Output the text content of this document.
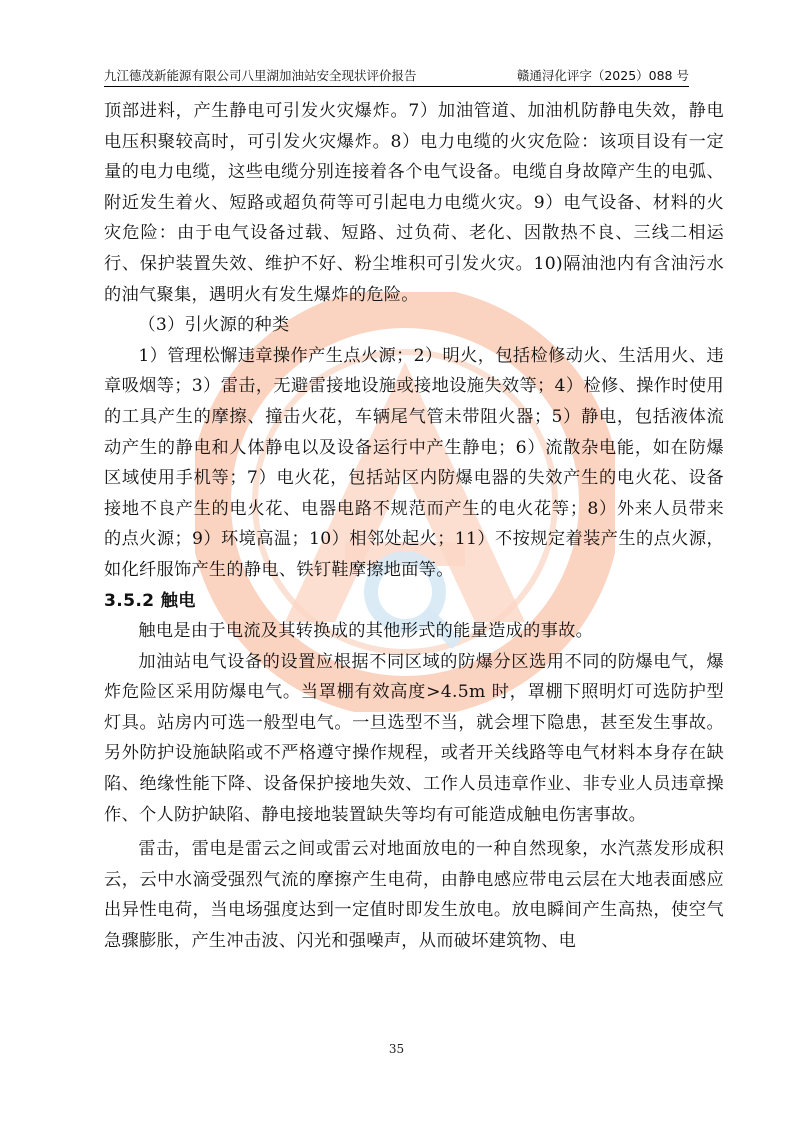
九江德茂新能源有限公司八里湖加油站安全现状评价报告	赣通浔化评字（2025）088 号

顶部进料，产生静电可引发火灾爆炸。7）加油管道、加油机防静电失效，静电电压积聚较高时，可引发火灾爆炸。8）电力电缆的火灾危险：该项目设有一定量的电力电缆，这些电缆分别连接着各个电气设备。电缆自身故障产生的电弧、附近发生着火、短路或超负荷等可引起电力电缆火灾。9）电气设备、材料的火灾危险：由于电气设备过载、短路、过负荷、老化、因散热不良、三线二相运行、保护装置失效、维护不好、粉尘堆积可引发火灾。10)隔油池内有含油污水的油气聚集，遇明火有发生爆炸的危险。

（3）引火源的种类

1）管理松懈违章操作产生点火源；2）明火，包括检修动火、生活用火、违章吸烟等；3）雷击，无避雷接地设施或接地设施失效等；4）检修、操作时使用的工具产生的摩擦、撞击火花，车辆尾气管未带阻火器；5）静电，包括液体流动产生的静电和人体静电以及设备运行中产生静电；6）流散杂电能，如在防爆区域使用手机等；7）电火花，包括站区内防爆电器的失效产生的电火花、设备接地不良产生的电火花、电器电路不规范而产生的电火花等；8）外来人员带来的点火源；9）环境高温；10）相邻处起火；11）不按规定着装产生的点火源，如化纤服饰产生的静电、铁钉鞋摩擦地面等。

3.5.2 触电

触电是由于电流及其转换成的其他形式的能量造成的事故。

加油站电气设备的设置应根据不同区域的防爆分区选用不同的防爆电气，爆炸危险区采用防爆电气。当罩棚有效高度>4.5m 时，罩棚下照明灯可选防护型灯具。站房内可选一般型电气。一旦选型不当，就会埋下隐患，甚至发生事故。另外防护设施缺陷或不严格遵守操作规程，或者开关线路等电气材料本身存在缺陷、绝缘性能下降、设备保护接地失效、工作人员违章作业、非专业人员违章操作、个人防护缺陷、静电接地装置缺失等均有可能造成触电伤害事故。

雷击，雷电是雷云之间或雷云对地面放电的一种自然现象，水汽蒸发形成积云，云中水滴受强烈气流的摩擦产生电荷，由静电感应带电云层在大地表面感应出异性电荷，当电场强度达到一定值时即发生放电。放电瞬间产生高热，使空气急骤膨胀，产生冲击波、闪光和强噪声，从而破坏建筑物、电

35
